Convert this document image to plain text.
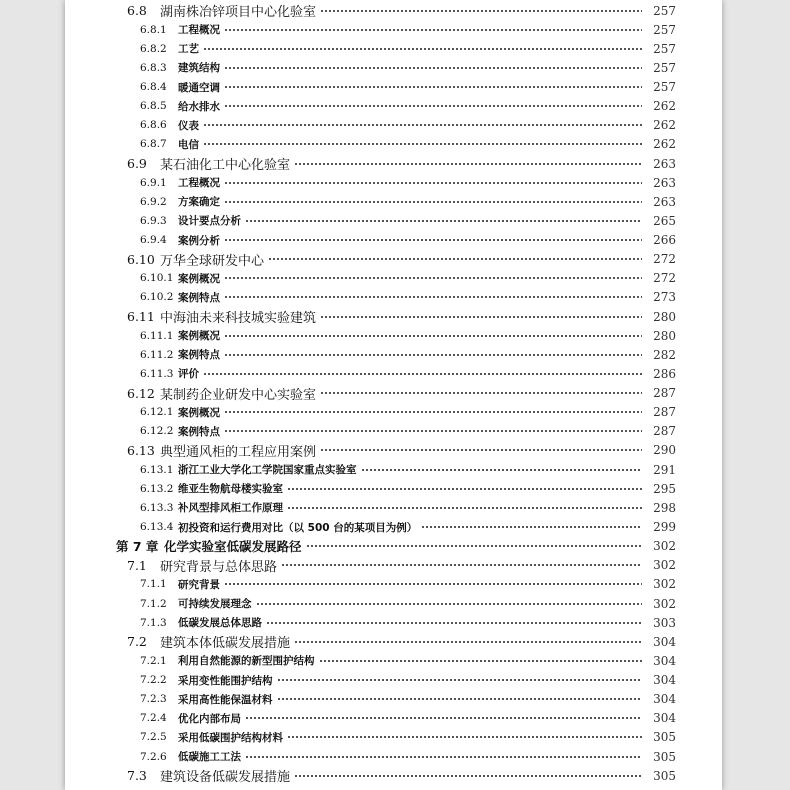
6.8	湖南株冶锌项目中心化验室	257
6.8.1	工程概况	257
6.8.2	工艺	257
6.8.3	建筑结构	257
6.8.4	暖通空调	257
6.8.5	给水排水	262
6.8.6	仪表	262
6.8.7	电信	262
6.9	某石油化工中心化验室	263
6.9.1	工程概况	263
6.9.2	方案确定	263
6.9.3	设计要点分析	265
6.9.4	案例分析	266
6.10 万华全球研发中心	272
6.10.1 案例概况	272
6.10.2 案例特点	273
6.11 中海油未来科技城实验建筑	280
6.11.1 案例概况	280
6.11.2 案例特点	282
6.11.3 评价	286
6.12 某制药企业研发中心实验室	287
6.12.1 案例概况	287
6.12.2 案例特点	287
6.13 典型通风柜的工程应用案例	290
6.13.1 浙江工业大学化工学院国家重点实验室	291
6.13.2 维亚生物航母楼实验室	295
6.13.3 补风型排风柜工作原理	298
6.13.4 初投资和运行费用对比（以 500 台的某项目为例）	299
第 7 章 化学实验室低碳发展路径	302
7.1	研究背景与总体思路	302
7.1.1	研究背景	302
7.1.2	可持续发展理念	302
7.1.3	低碳发展总体思路	303
7.2	建筑本体低碳发展措施	304
7.2.1	利用自然能源的新型围护结构	304
7.2.2	采用变性能围护结构	304
7.2.3	采用高性能保温材料	304
7.2.4	优化内部布局	304
7.2.5	采用低碳围护结构材料	305
7.2.6	低碳施工工法	305
7.3	建筑设备低碳发展措施	305
